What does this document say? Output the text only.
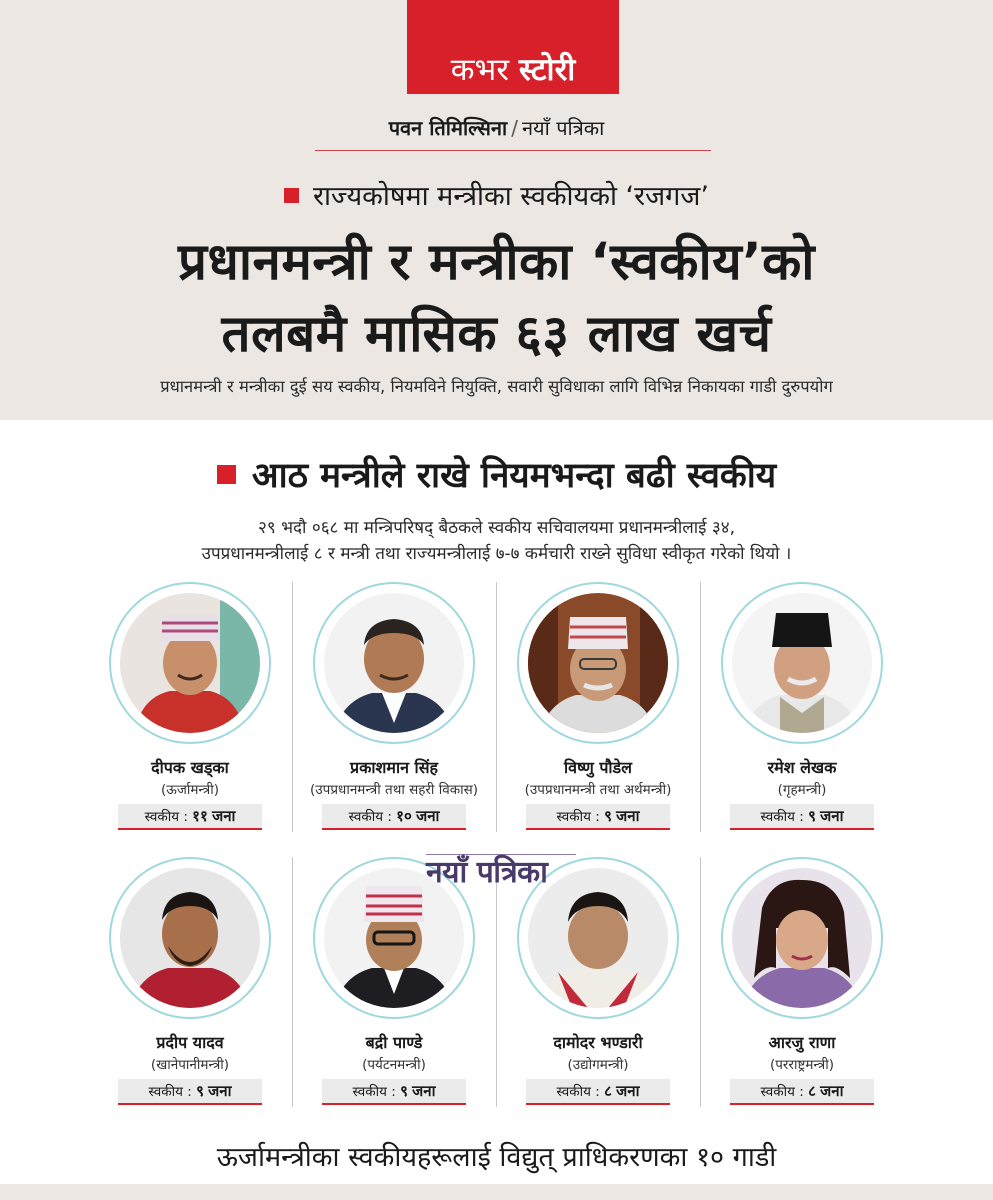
कभर स्टोरी
पवन तिमिल्सिना / नयाँ पत्रिका
राज्यकोषमा मन्त्रीका स्वकीयको ‘रजगज’
प्रधानमन्त्री र मन्त्रीका ‘स्वकीय’को
तलबमै मासिक ६३ लाख खर्च
प्रधानमन्त्री र मन्त्रीका दुई सय स्वकीय, नियमविने नियुक्ति, सवारी सुविधाका लागि विभिन्न निकायका गाडी दुरुपयोग
आठ मन्त्रीले राखे नियमभन्दा बढी स्वकीय
२९ भदौ ०६८ मा मन्त्रिपरिषद् बैठकले स्वकीय सचिवालयमा प्रधानमन्त्रीलाई ३४,
उपप्रधानमन्त्रीलाई ८ र मन्त्री तथा राज्यमन्त्रीलाई ७-७ कर्मचारी राख्ने सुविधा स्वीकृत गरेको थियो ।
दीपक खड्का
(ऊर्जामन्त्री)
स्वकीय : ११ जना
प्रकाशमान सिंह
(उपप्रधानमन्त्री तथा सहरी विकास)
स्वकीय : १० जना
विष्णु पौडेल
(उपप्रधानमन्त्री तथा अर्थमन्त्री)
स्वकीय : ९ जना
रमेश लेखक
(गृहमन्त्री)
स्वकीय : ९ जना
प्रदीप यादव
(खानेपानीमन्त्री)
स्वकीय : ९ जना
बद्री पाण्डे
(पर्यटनमन्त्री)
स्वकीय : ९ जना
दामोदर भण्डारी
(उद्योगमन्त्री)
स्वकीय : ८ जना
आरजु राणा
(परराष्ट्रमन्त्री)
स्वकीय : ८ जना
नयाँ पत्रिका
ऊर्जामन्त्रीका स्वकीयहरूलाई विद्युत् प्राधिकरणका १० गाडी
